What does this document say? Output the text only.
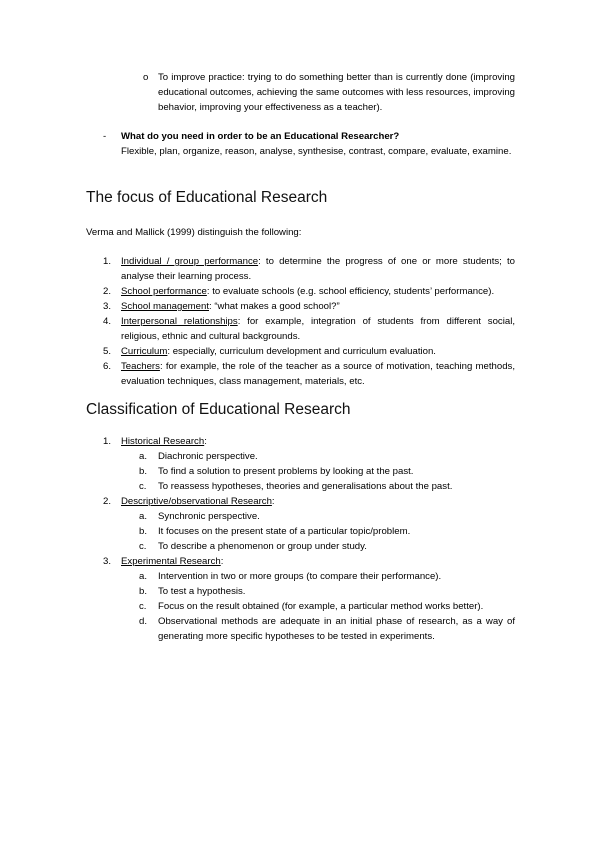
o To improve practice: trying to do something better than is currently done (improving educational outcomes, achieving the same outcomes with less resources, improving behavior, improving your effectiveness as a teacher).
- What do you need in order to be an Educational Researcher?
Flexible, plan, organize, reason, analyse, synthesise, contrast, compare, evaluate, examine.
The focus of Educational Research
Verma and Mallick (1999) distinguish the following:
1. Individual / group performance: to determine the progress of one or more students; to analyse their learning process.
2. School performance: to evaluate schools (e.g. school efficiency, students’ performance).
3. School management: “what makes a good school?”
4. Interpersonal relationships: for example, integration of students from different social, religious, ethnic and cultural backgrounds.
5. Curriculum: especially, curriculum development and curriculum evaluation.
6. Teachers: for example, the role of the teacher as a source of motivation, teaching methods, evaluation techniques, class management, materials, etc.
Classification of Educational Research
1. Historical Research:
a. Diachronic perspective.
b. To find a solution to present problems by looking at the past.
c. To reassess hypotheses, theories and generalisations about the past.
2. Descriptive/observational Research:
a. Synchronic perspective.
b. It focuses on the present state of a particular topic/problem.
c. To describe a phenomenon or group under study.
3. Experimental Research:
a. Intervention in two or more groups (to compare their performance).
b. To test a hypothesis.
c. Focus on the result obtained (for example, a particular method works better).
d. Observational methods are adequate in an initial phase of research, as a way of generating more specific hypotheses to be tested in experiments.
